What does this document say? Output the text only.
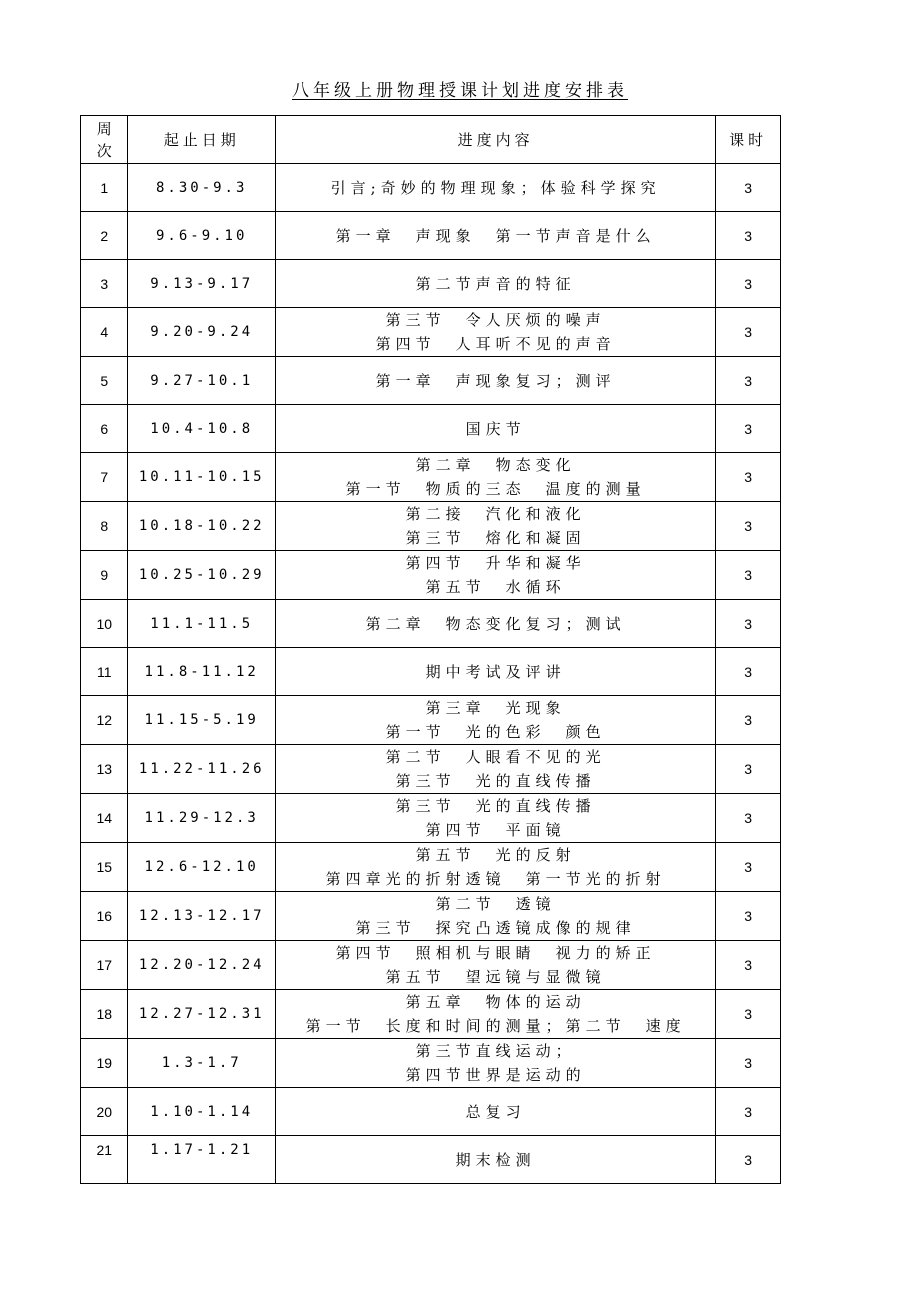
八年级上册物理授课计划进度安排表
周
次	起止日期	进度内容	课时
1	8.30-9.3	引言;奇妙的物理现象；体验科学探究	3
2	9.6-9.10	第一章　声现象　第一节声音是什么	3
3	9.13-9.17	第二节声音的特征	3
4	9.20-9.24	第三节　令人厌烦的噪声
第四节　人耳听不见的声音	3
5	9.27-10.1	第一章　声现象复习；测评	3
6	10.4-10.8	国庆节	3
7	10.11-10.15	第二章　物态变化
第一节　物质的三态　温度的测量	3
8	10.18-10.22	第二接　汽化和液化
第三节　熔化和凝固	3
9	10.25-10.29	第四节　升华和凝华
第五节　水循环	3
10	11.1-11.5	第二章　物态变化复习；测试	3
11	11.8-11.12	期中考试及评讲	3
12	11.15-5.19	第三章　光现象
第一节　光的色彩　颜色	3
13	11.22-11.26	第二节　人眼看不见的光
第三节　光的直线传播	3
14	11.29-12.3	第三节　光的直线传播
第四节　平面镜	3
15	12.6-12.10	第五节　光的反射
第四章光的折射透镜　第一节光的折射	3
16	12.13-12.17	第二节　透镜
第三节　探究凸透镜成像的规律	3
17	12.20-12.24	第四节　照相机与眼睛　视力的矫正
第五节　望远镜与显微镜	3
18	12.27-12.31	第五章　物体的运动
第一节　长度和时间的测量；第二节　速度	3
19	1.3-1.7	第三节直线运动；
第四节世界是运动的	3
20	1.10-1.14	总复习	3
21	1.17-1.21	期末检测	3
